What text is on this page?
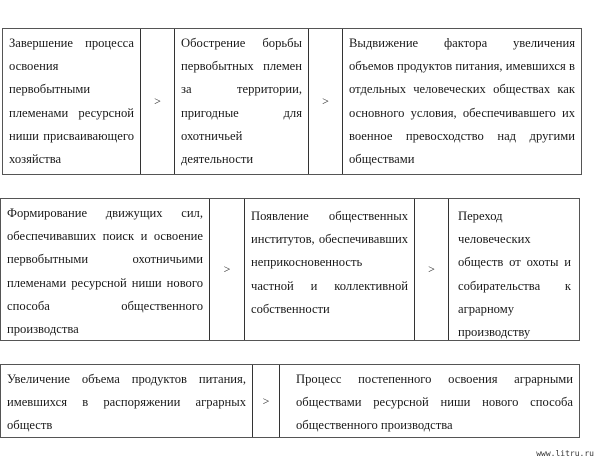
Завершение процесса освоения первобытными племенами ресурсной ниши присваивающего хозяйства
>
Обострение борьбы первобытных племен за территории, пригодные для охотничьей деятельности
>
Выдвижение фактора увеличения объемов продуктов питания, имевшихся в отдельных человеческих обществах как основного условия, обеспечивавшего их военное превосходство над другими обществами
Формирование движущих сил, обеспечивавших поиск и освоение первобытными охотничьими племенами ресурсной ниши нового способа общественного производства
>
Появление общественных институтов, обеспечивавших неприкосновенность частной и коллективной собственности
>
Переход человеческих обществ от охоты и собирательства к аграрному производству
Увеличение объема продуктов питания, имевшихся в распоряжении аграрных обществ
>
Процесс постепенного освоения аграрными обществами ресурсной ниши нового способа общественного производства
www.litru.ru
